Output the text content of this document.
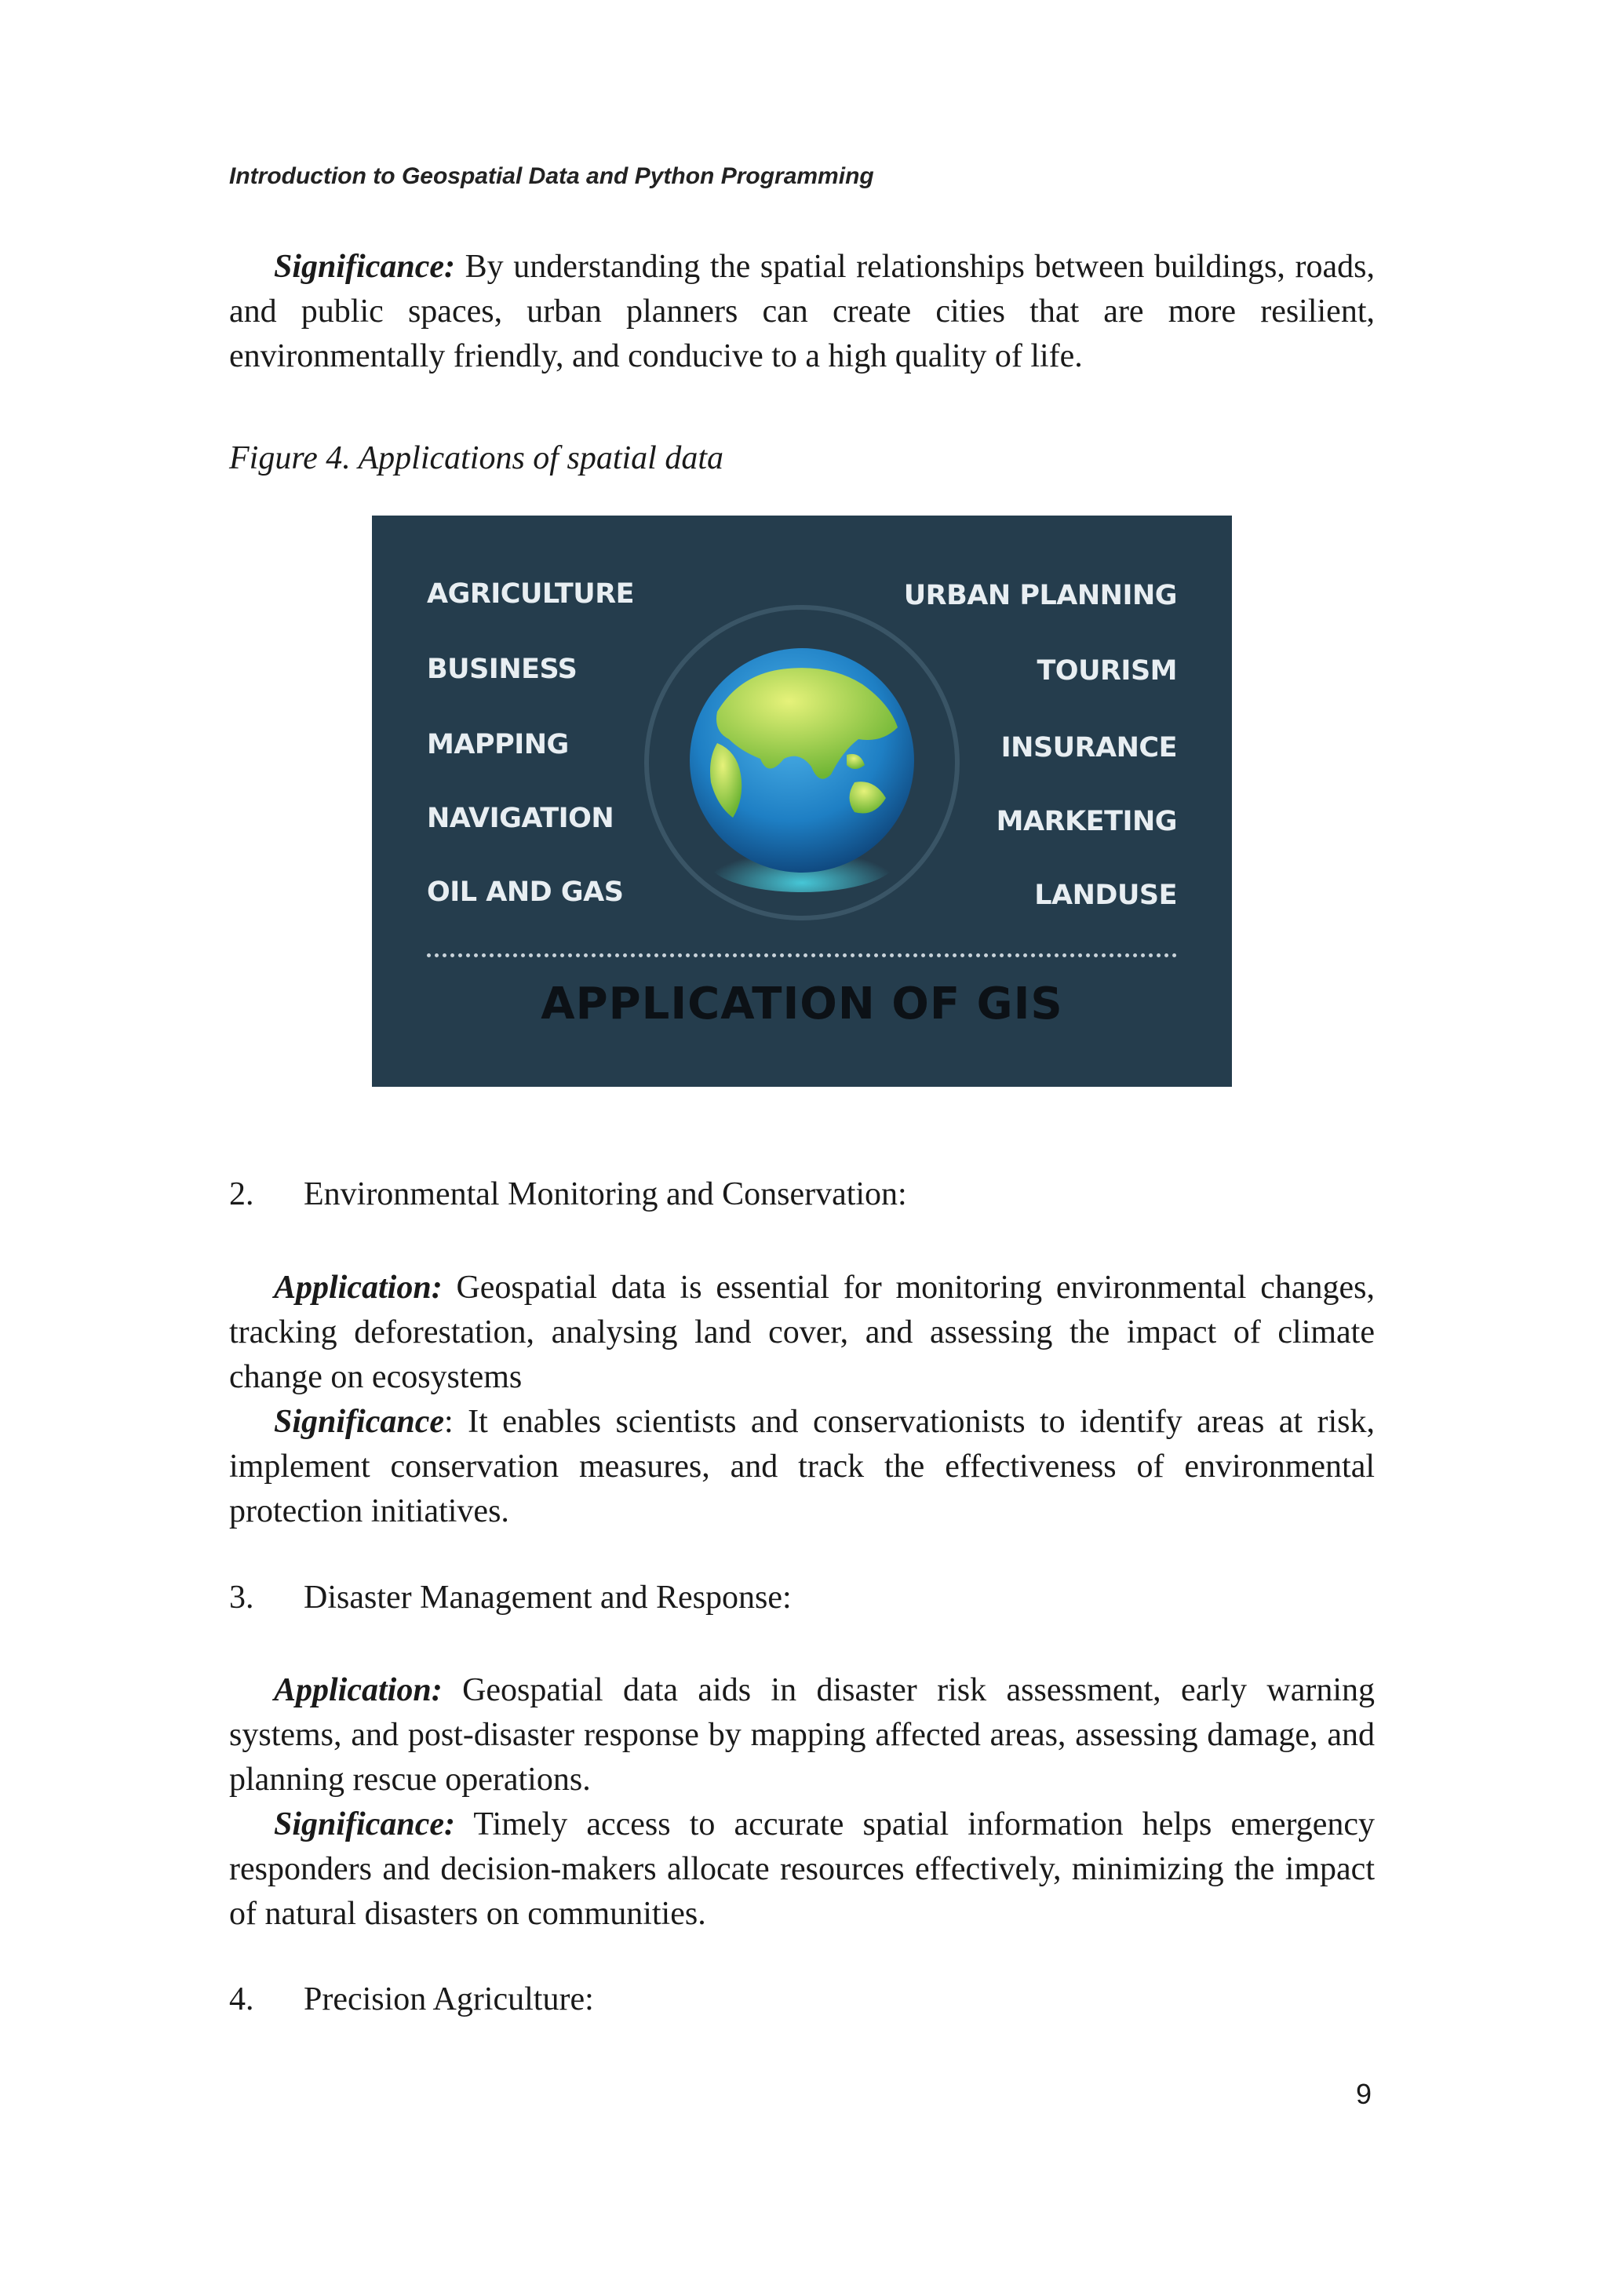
Introduction to Geospatial Data and Python Programming

Significance: By understanding the spatial relationships between buildings, roads, and public spaces, urban planners can create cities that are more resilient, environmentally friendly, and conducive to a high quality of life.

Figure 4. Applications of spatial data
AGRICULTURE
BUSINESS
MAPPING
NAVIGATION
OIL AND GAS
URBAN PLANNING
TOURISM
INSURANCE
MARKETING
LANDUSE
APPLICATION OF GIS
2.	Environmental Monitoring and Conservation:

Application: Geospatial data is essential for monitoring environmental changes, tracking deforestation, analysing land cover, and assessing the impact of climate change on ecosystems

Significance: It enables scientists and conservationists to identify areas at risk, implement conservation measures, and track the effectiveness of environmental protection initiatives.

3.	Disaster Management and Response:

Application: Geospatial data aids in disaster risk assessment, early warning systems, and post-disaster response by mapping affected areas, assessing damage, and planning rescue operations.

Significance: Timely access to accurate spatial information helps emergency responders and decision-makers allocate resources effectively, minimizing the impact of natural disasters on communities.

4.	Precision Agriculture:
9
